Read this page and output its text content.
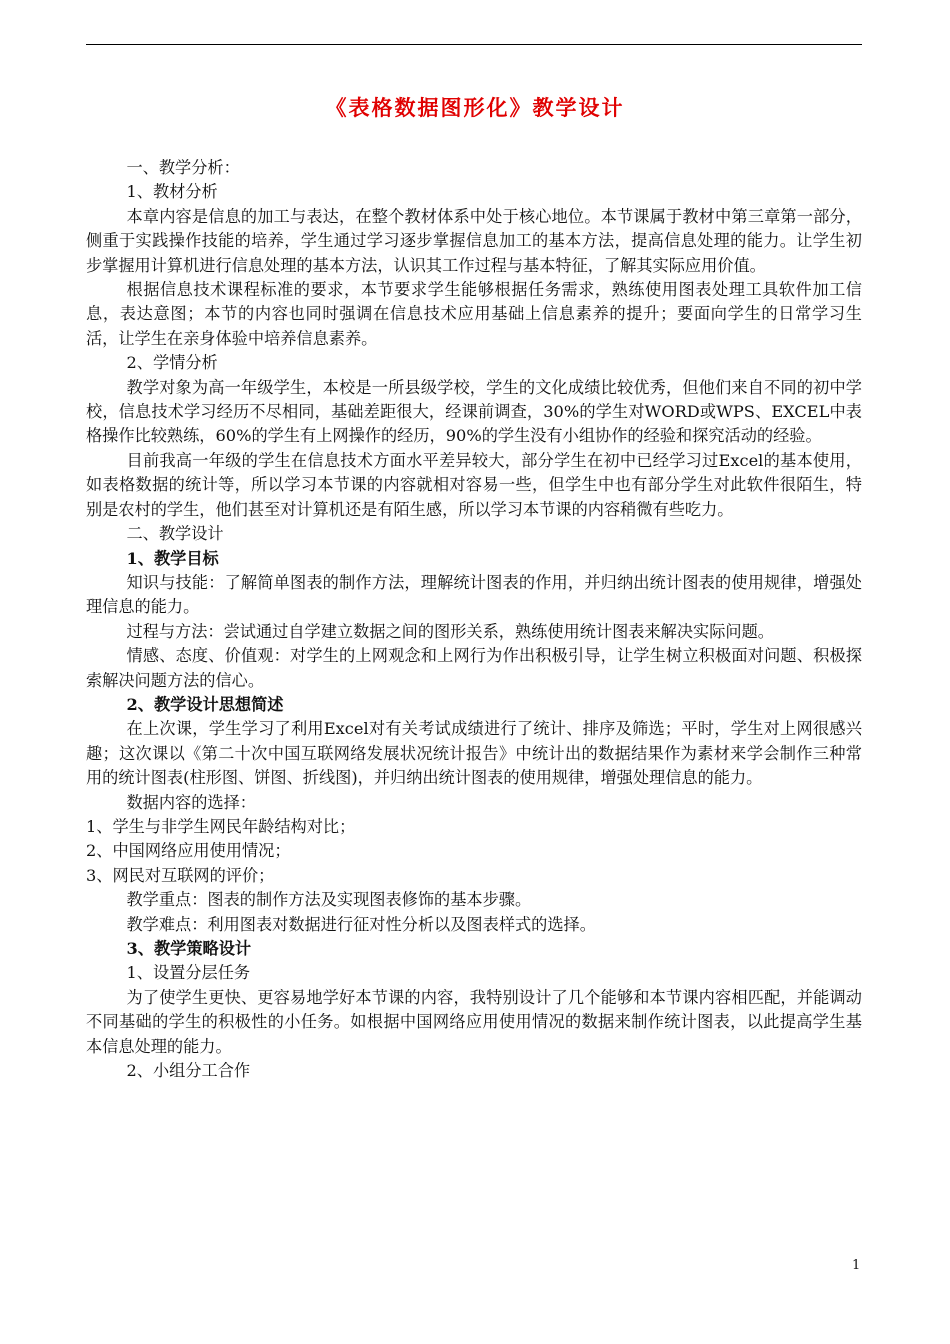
《表格数据图形化》教学设计

一、教学分析：

1、教材分析

本章内容是信息的加工与表达，在整个教材体系中处于核心地位。本节课属于教材中第三章第一部分，侧重于实践操作技能的培养，学生通过学习逐步掌握信息加工的基本方法，提高信息处理的能力。让学生初步掌握用计算机进行信息处理的基本方法，认识其工作过程与基本特征，了解其实际应用价值。

根据信息技术课程标准的要求，本节要求学生能够根据任务需求，熟练使用图表处理工具软件加工信息，表达意图；本节的内容也同时强调在信息技术应用基础上信息素养的提升；要面向学生的日常学习生活，让学生在亲身体验中培养信息素养。

2、学情分析

教学对象为高一年级学生，本校是一所县级学校，学生的文化成绩比较优秀，但他们来自不同的初中学校，信息技术学习经历不尽相同，基础差距很大，经课前调查，30%的学生对WORD或WPS、EXCEL中表格操作比较熟练，60%的学生有上网操作的经历，90%的学生没有小组协作的经验和探究活动的经验。

目前我高一年级的学生在信息技术方面水平差异较大，部分学生在初中已经学习过Excel的基本使用，如表格数据的统计等，所以学习本节课的内容就相对容易一些，但学生中也有部分学生对此软件很陌生，特别是农村的学生，他们甚至对计算机还是有陌生感，所以学习本节课的内容稍微有些吃力。

二、教学设计

1、教学目标

知识与技能：了解简单图表的制作方法，理解统计图表的作用，并归纳出统计图表的使用规律，增强处理信息的能力。

过程与方法：尝试通过自学建立数据之间的图形关系，熟练使用统计图表来解决实际问题。

情感、态度、价值观：对学生的上网观念和上网行为作出积极引导，让学生树立积极面对问题、积极探索解决问题方法的信心。

2、教学设计思想简述

在上次课，学生学习了利用Excel对有关考试成绩进行了统计、排序及筛选；平时，学生对上网很感兴趣；这次课以《第二十次中国互联网络发展状况统计报告》中统计出的数据结果作为素材来学会制作三种常用的统计图表(柱形图、饼图、折线图)，并归纳出统计图表的使用规律，增强处理信息的能力。

数据内容的选择：

1、学生与非学生网民年龄结构对比；

2、中国网络应用使用情况；

3、网民对互联网的评价；

教学重点：图表的制作方法及实现图表修饰的基本步骤。

教学难点：利用图表对数据进行征对性分析以及图表样式的选择。

3、教学策略设计

1、设置分层任务

为了使学生更快、更容易地学好本节课的内容，我特别设计了几个能够和本节课内容相匹配，并能调动不同基础的学生的积极性的小任务。如根据中国网络应用使用情况的数据来制作统计图表，以此提高学生基本信息处理的能力。

2、小组分工合作

1
